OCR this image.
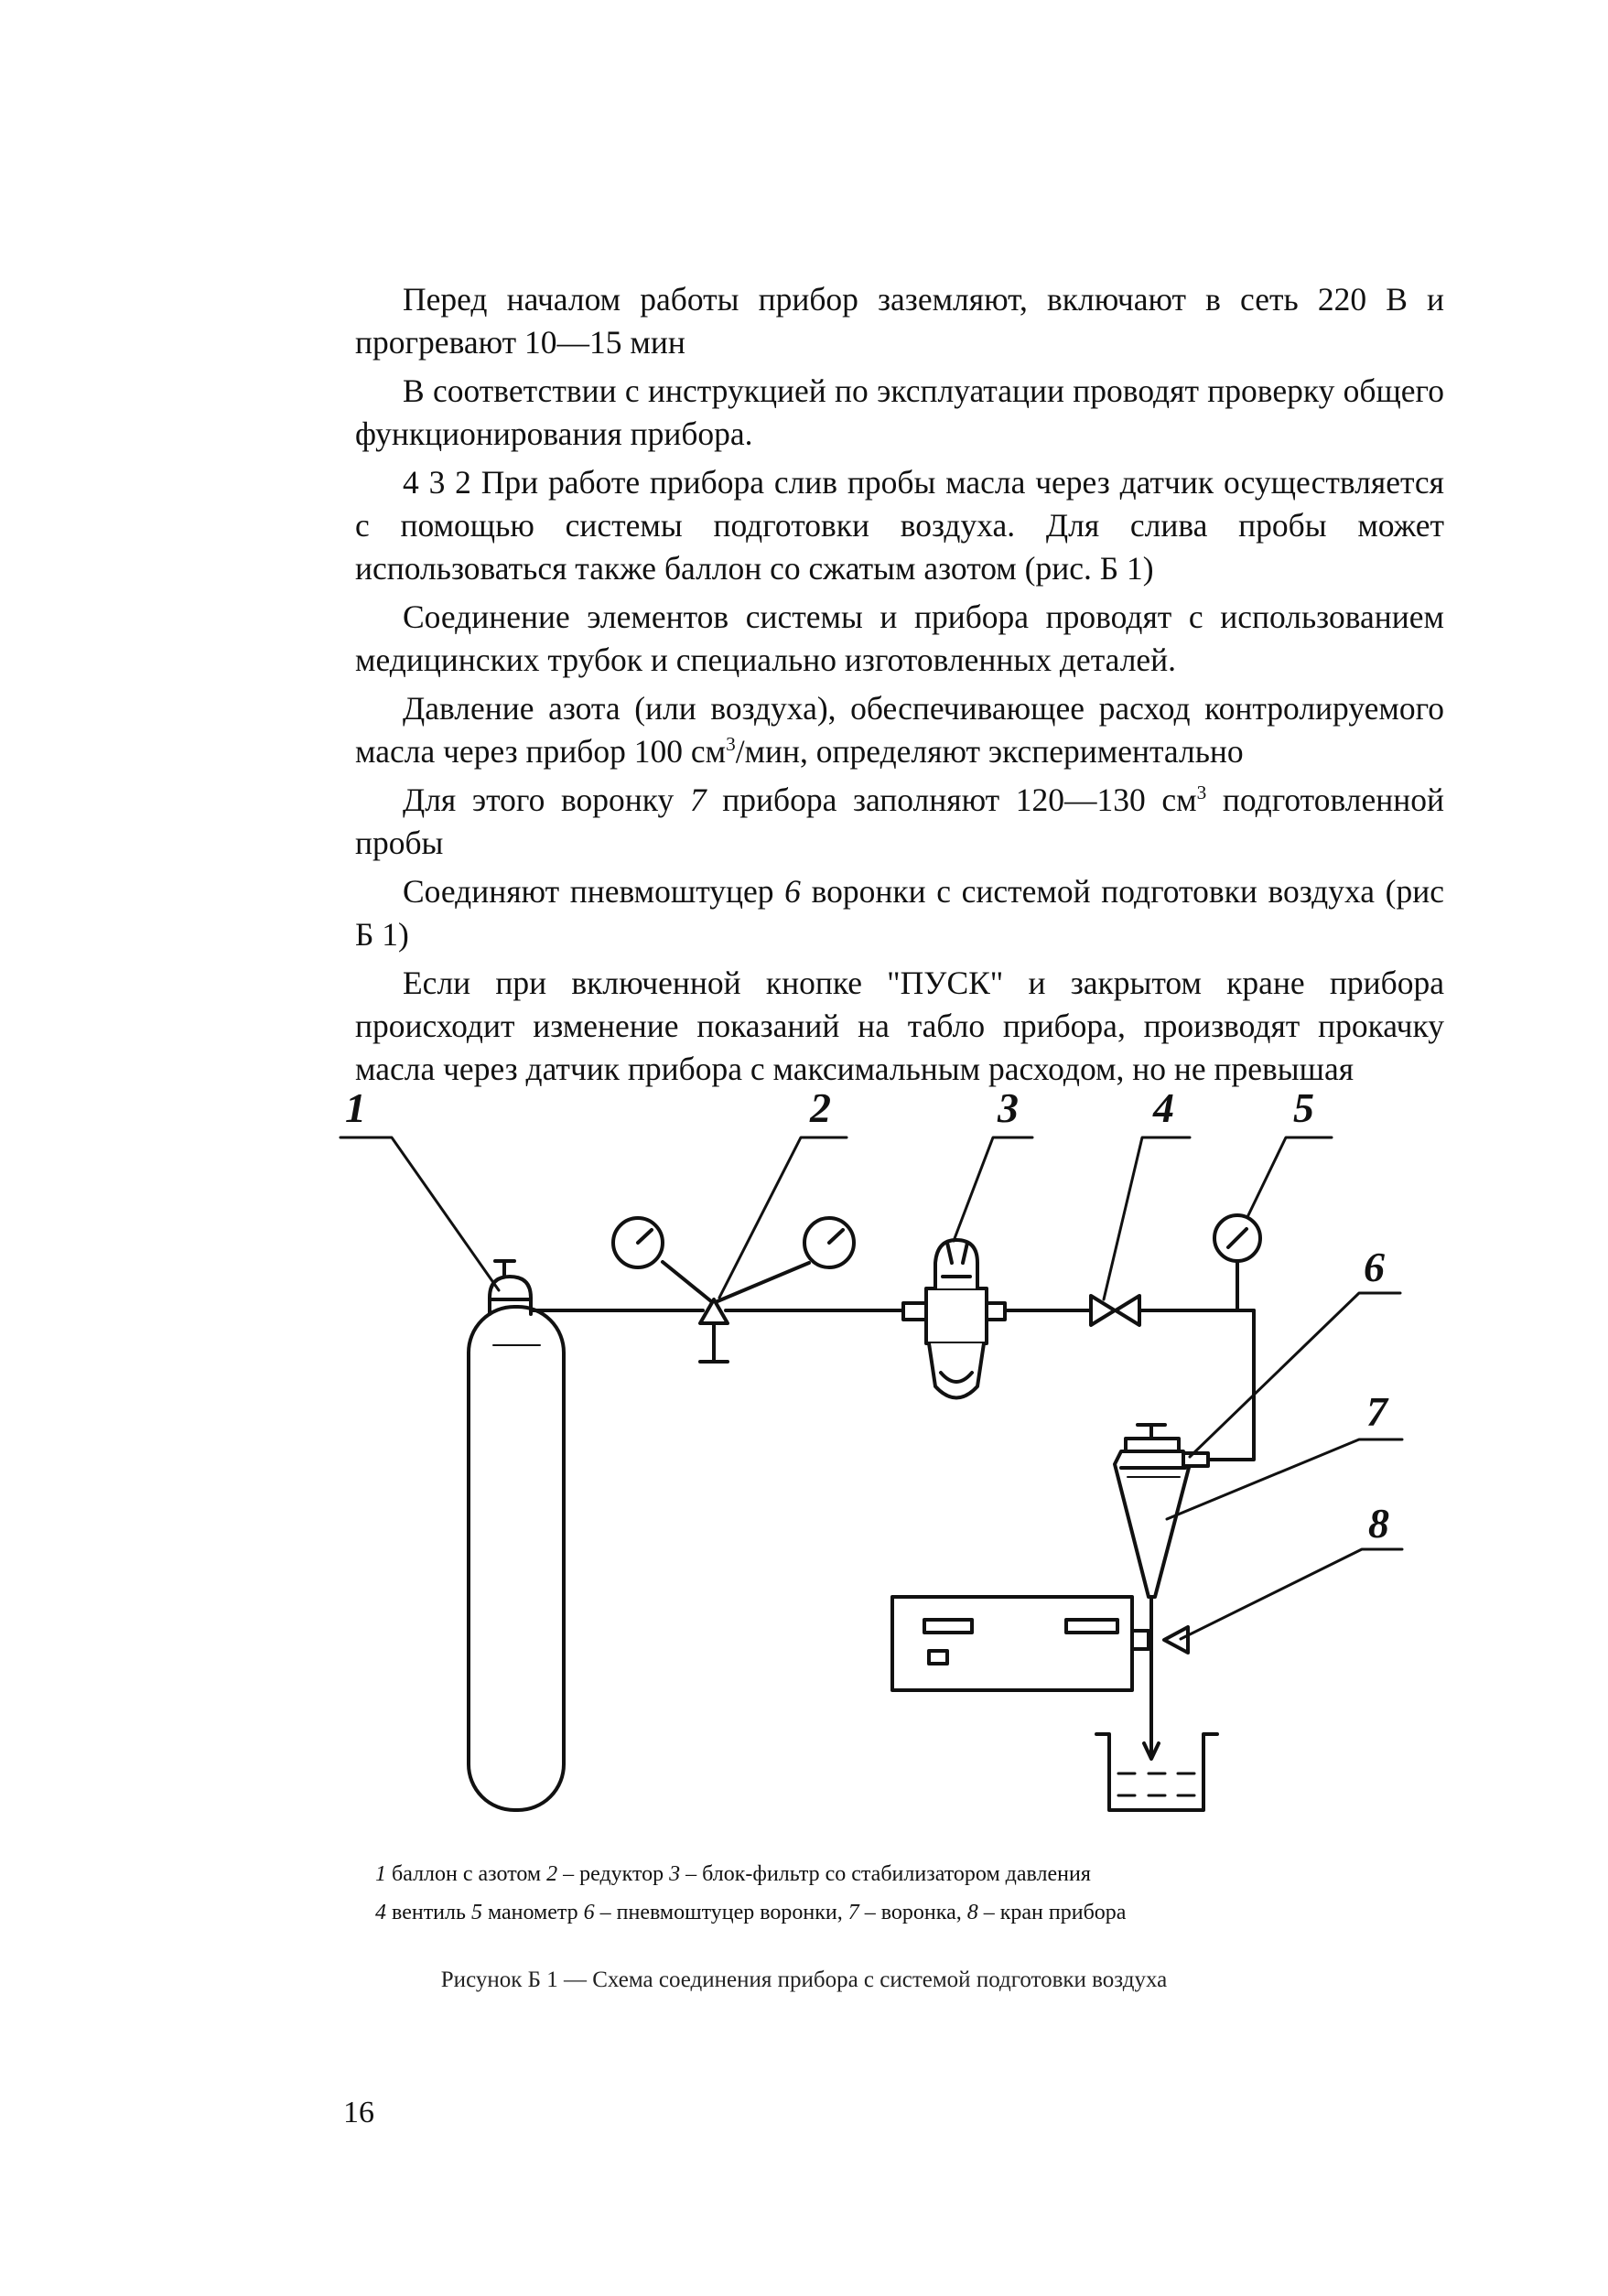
Перед началом работы прибор заземляют, включают в сеть 220 В и прогревают 10—15 мин

В соответствии с инструкцией по эксплуатации проводят проверку общего функционирования прибора.

4 3 2 При работе прибора слив пробы масла через датчик осуществляется с помощью системы подготовки воздуха. Для слива пробы может использоваться также баллон со сжатым азотом (рис. Б 1)

Соединение элементов системы и прибора проводят с использованием медицинских трубок и специально изготовленных деталей.

Давление азота (или воздуха), обеспечивающее расход контролируемого масла через прибор 100 $см^3$/мин, определяют экспериментально

Для этого воронку 7 прибора заполняют 120—130 $см^3$ подготовленной пробы

Соединяют пневмоштуцер 6 воронки с системой подготовки воздуха (рис Б 1)

Если при включенной кнопке "ПУСК" и закрытом кране прибора происходит изменение показаний на табло прибора, производят прокачку масла через датчик прибора с максимальным расходом, но не превышая

1	2	3	4	5
6
7
8
1 баллон с азотом 2 – редуктор 3 – блок-фильтр со стабилизатором давления
4 вентиль 5 манометр 6 – пневмоштуцер воронки, 7 – воронка, 8 – кран прибора
Рисунок Б 1 — Схема соединения прибора с системой подготовки воздуха
16
